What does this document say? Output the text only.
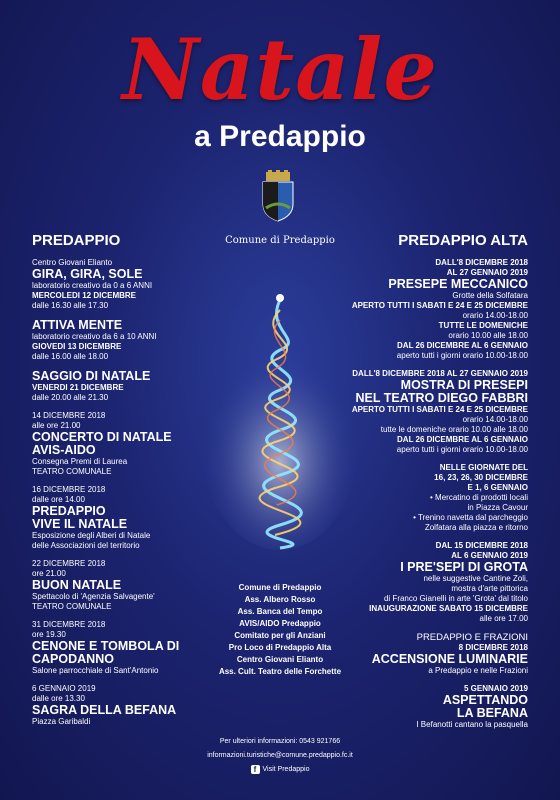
Natale
a Predappio
Comune di Predappio
PREDAPPIO	PREDAPPIO ALTA
Centro Giovani Elianto
GIRA, GIRA, SOLE
laboratorio creativo da 0 a 6 ANNI
MERCOLEDI 12 DICEMBRE
dalle 16.30 alle 17.30
ATTIVA MENTE
laboratorio creativo da 6 a 10 ANNI
GIOVEDI 13 DICEMBRE
dalle 16.00 alle 18.00
SAGGIO DI NATALE
VENERDI 21 DICEMBRE
dalle 20.00 alle 21.30
14 DICEMBRE 2018
alle ore 21.00
CONCERTO DI NATALE
AVIS-AIDO
Consegna Premi di Laurea
TEATRO COMUNALE
16 DICEMBRE 2018
dalle ore 14.00
PREDAPPIO
VIVE IL NATALE
Esposizione degli Alberi di Natale
delle Associazioni del territorio
22 DICEMBRE 2018
ore 21.00
BUON NATALE
Spettacolo di 'Agenzia Salvagente'
TEATRO COMUNALE
31 DICEMBRE 2018
ore 19.30
CENONE E TOMBOLA DI
CAPODANNO
Salone parrocchiale di Sant'Antonio
6 GENNAIO 2019
dalle ore 13.30
SAGRA DELLA BEFANA
Piazza Garibaldi
DALL'8 DICEMBRE 2018
AL 27 GENNAIO 2019
PRESEPE MECCANICO
Grotte della Solfatara
APERTO TUTTI I SABATI E 24 E 25 DICEMBRE
orario 14.00-18.00
TUTTE LE DOMENICHE
orario 10.00 alle 18.00
DAL 26 DICEMBRE AL 6 GENNAIO
aperto tutti i giorni orario 10.00-18.00
DALL'8 DICEMBRE 2018 AL 27 GENNAIO 2019
MOSTRA DI PRESEPI
NEL TEATRO DIEGO FABBRI
APERTO TUTTI I SABATI E 24 E 25 DICEMBRE
orario 14.00-18.00
tutte le domeniche orario 10.00 alle 18.00
DAL 26 DICEMBRE AL 6 GENNAIO
aperto tutti i giorni orario 10.00-18.00
NELLE GIORNATE DEL
16, 23, 26, 30 DICEMBRE
E 1, 6 GENNAIO
• Mercatino di prodotti locali
in Piazza Cavour
• Trenino navetta dal parcheggio
Zolfatara alla piazza e ritorno
DAL 15 DICEMBRE 2018
AL 6 GENNAIO 2019
I PRE'SEPI DI GROTA
nelle suggestive Cantine Zoli,
mostra d'arte pittorica
di Franco Gianelli in arte 'Grota' dal titolo
INAUGURAZIONE SABATO 15 DICEMBRE
alle ore 17.00
PREDAPPIO E FRAZIONI
8 DICEMBRE 2018
ACCENSIONE LUMINARIE
a Predappio e nelle Frazioni
5 GENNAIO 2019
ASPETTANDO
LA BEFANA
I Befanotti cantano la pasquella
Comune di Predappio
Ass. Albero Rosso
Ass. Banca del Tempo
AVIS/AIDO Predappio
Comitato per gli Anziani
Pro Loco di Predappio Alta
Centro Giovani Elianto
Ass. Cult. Teatro delle Forchette
Per ulteriori informazioni: 0543 921766
informazioni.turistiche@comune.predappio.fc.it
f Visit Predappio
